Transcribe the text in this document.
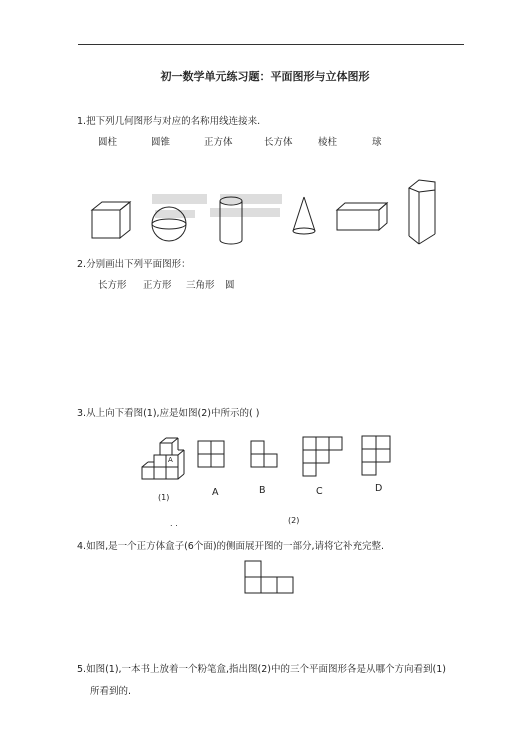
初一数学单元练习题：平面图形与立体图形
1.把下列几何图形与对应的名称用线连接来.
圆柱	圆锥	正方体	长方体	棱柱	球
2.分别画出下列平面图形：
长方形 正方形 三角形 圆
3.从上向下看图(1),应是如图(2)中所示的( )
A
(1)
. .
A	B	C	D
(2)
4.如图,是一个正方体盒子(6个面)的侧面展开图的一部分,请将它补充完整.
5.如图(1),一本书上放着一个粉笔盒,指出图(2)中的三个平面图形各是从哪个方向看到(1)
所看到的.
